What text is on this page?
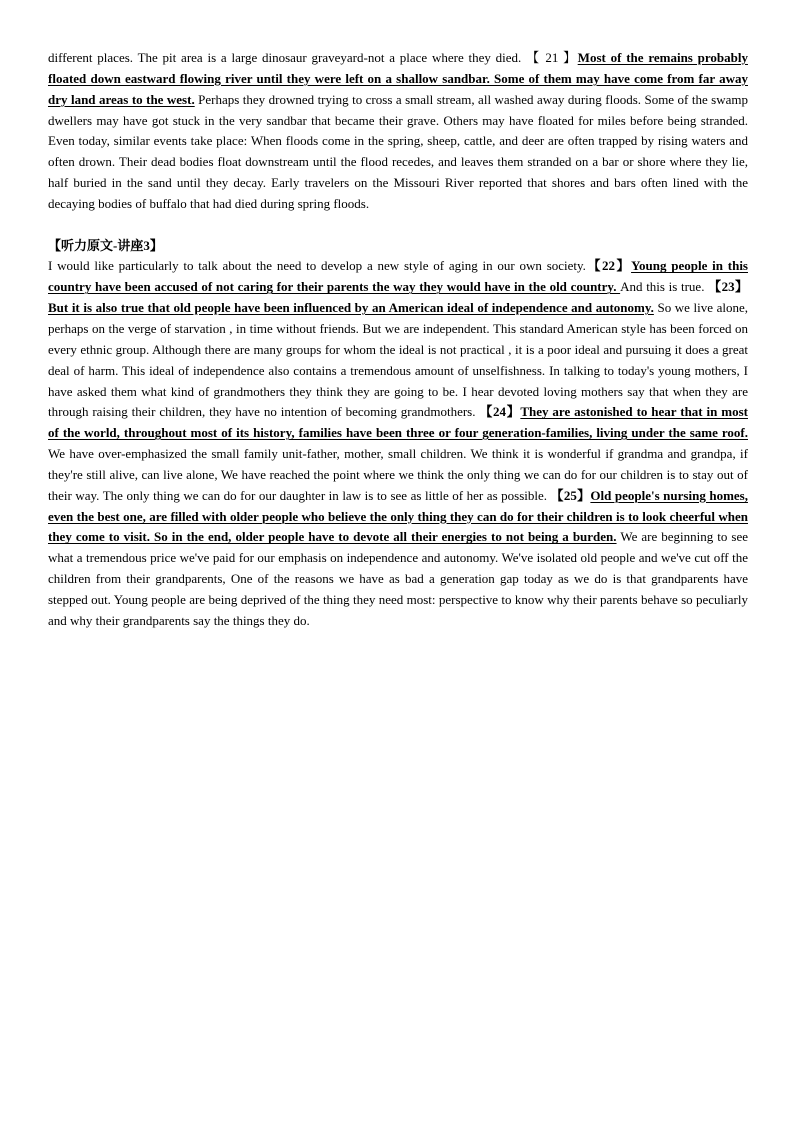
different places. The pit area is a large dinosaur graveyard-not a place where they died. 【 21 】Most of the remains probably floated down eastward flowing river until they were left on a shallow sandbar. Some of them may have come from far away dry land areas to the west. Perhaps they drowned trying to cross a small stream, all washed away during floods. Some of the swamp dwellers may have got stuck in the very sandbar that became their grave. Others may have floated for miles before being stranded. Even today, similar events take place: When floods come in the spring, sheep, cattle, and deer are often trapped by rising waters and often drown. Their dead bodies float downstream until the flood recedes, and leaves them stranded on a bar or shore where they lie, half buried in the sand until they decay. Early travelers on the Missouri River reported that shores and bars often lined with the decaying bodies of buffalo that had died during spring floods.

【听力原文-讲座3】

I would like particularly to talk about the need to develop a new style of aging in our own society.【22】Young people in this country have been accused of not caring for their parents the way they would have in the old country. And this is true. 【23】But it is also true that old people have been influenced by an American ideal of independence and autonomy. So we live alone, perhaps on the verge of starvation , in time without friends. But we are independent. This standard American style has been forced on every ethnic group. Although there are many groups for whom the ideal is not practical , it is a poor ideal and pursuing it does a great deal of harm. This ideal of independence also contains a tremendous amount of unselfishness. In talking to today's young mothers, I have asked them what kind of grandmothers they think they are going to be. I hear devoted loving mothers say that when they are through raising their children, they have no intention of becoming grandmothers. 【24】They are astonished to hear that in most of the world, throughout most of its history, families have been three or four generation-families, living under the same roof. We have over-emphasized the small family unit-father, mother, small children. We think it is wonderful if grandma and grandpa, if they're still alive, can live alone, We have reached the point where we think the only thing we can do for our children is to stay out of their way. The only thing we can do for our daughter in law is to see as little of her as possible. 【25】Old people's nursing homes, even the best one, are filled with older people who believe the only thing they can do for their children is to look cheerful when they come to visit. So in the end, older people have to devote all their energies to not being a burden. We are beginning to see what a tremendous price we've paid for our emphasis on independence and autonomy. We've isolated old people and we've cut off the children from their grandparents, One of the reasons we have as bad a generation gap today as we do is that grandparents have stepped out. Young people are being deprived of the thing they need most: perspective to know why their parents behave so peculiarly and why their grandparents say the things they do.
